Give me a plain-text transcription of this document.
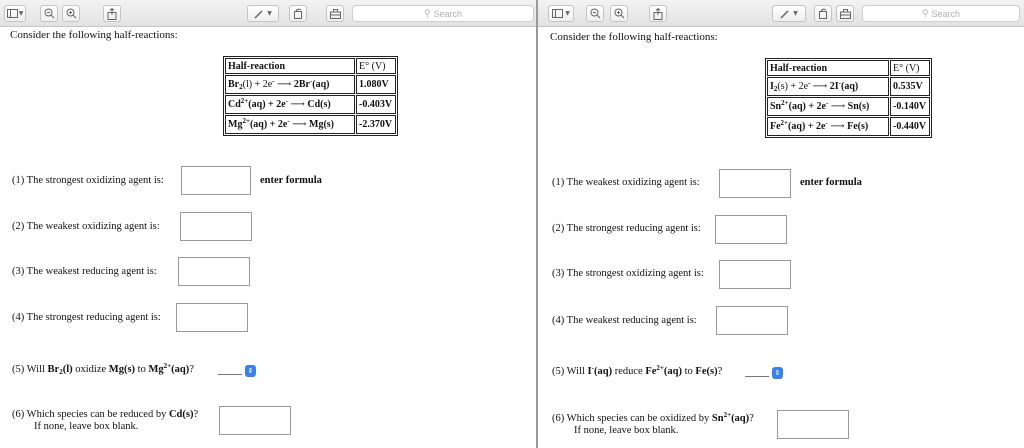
▼	▼	⚲ Search
Consider the following half-reactions:
Half-reaction	E° (V)
$Br_2(l) + 2e^-$ ⟶ 2Br-(aq)	1.080V
$Cd^{2+}(aq) + 2e^-$ ⟶ Cd(s)	-0.403V
$Mg^{2+}(aq) + 2e^-$ ⟶ Mg(s)	-2.370V
(1) The strongest oxidizing agent is:	enter formula
(2) The weakest oxidizing agent is:
(3) The weakest reducing agent is:
(4) The strongest reducing agent is:
(5) Will $Br_2(l)$ oxidize Mg(s) to $Mg^{2+}(aq)$?	⇕
(6) Which species can be reduced by Cd(s)?
If none, leave box blank.
▼	▼	⚲ Search
Consider the following half-reactions:
Half-reaction	E° (V)
$I_2(s) + 2e^-$ ⟶ 2I-(aq)	0.535V
$Sn^{2+}(aq) + 2e^-$ ⟶ Sn(s)	-0.140V
$Fe^{2+}(aq) + 2e^-$ ⟶ Fe(s)	-0.440V
(1) The weakest oxidizing agent is:	enter formula
(2) The strongest reducing agent is:
(3) The strongest oxidizing agent is:
(4) The weakest reducing agent is:
(5) Will I-(aq) reduce $Fe^{2+}(aq)$ to Fe(s)?	⇕
(6) Which species can be oxidized by $Sn^{2+}(aq)$?
If none, leave box blank.
